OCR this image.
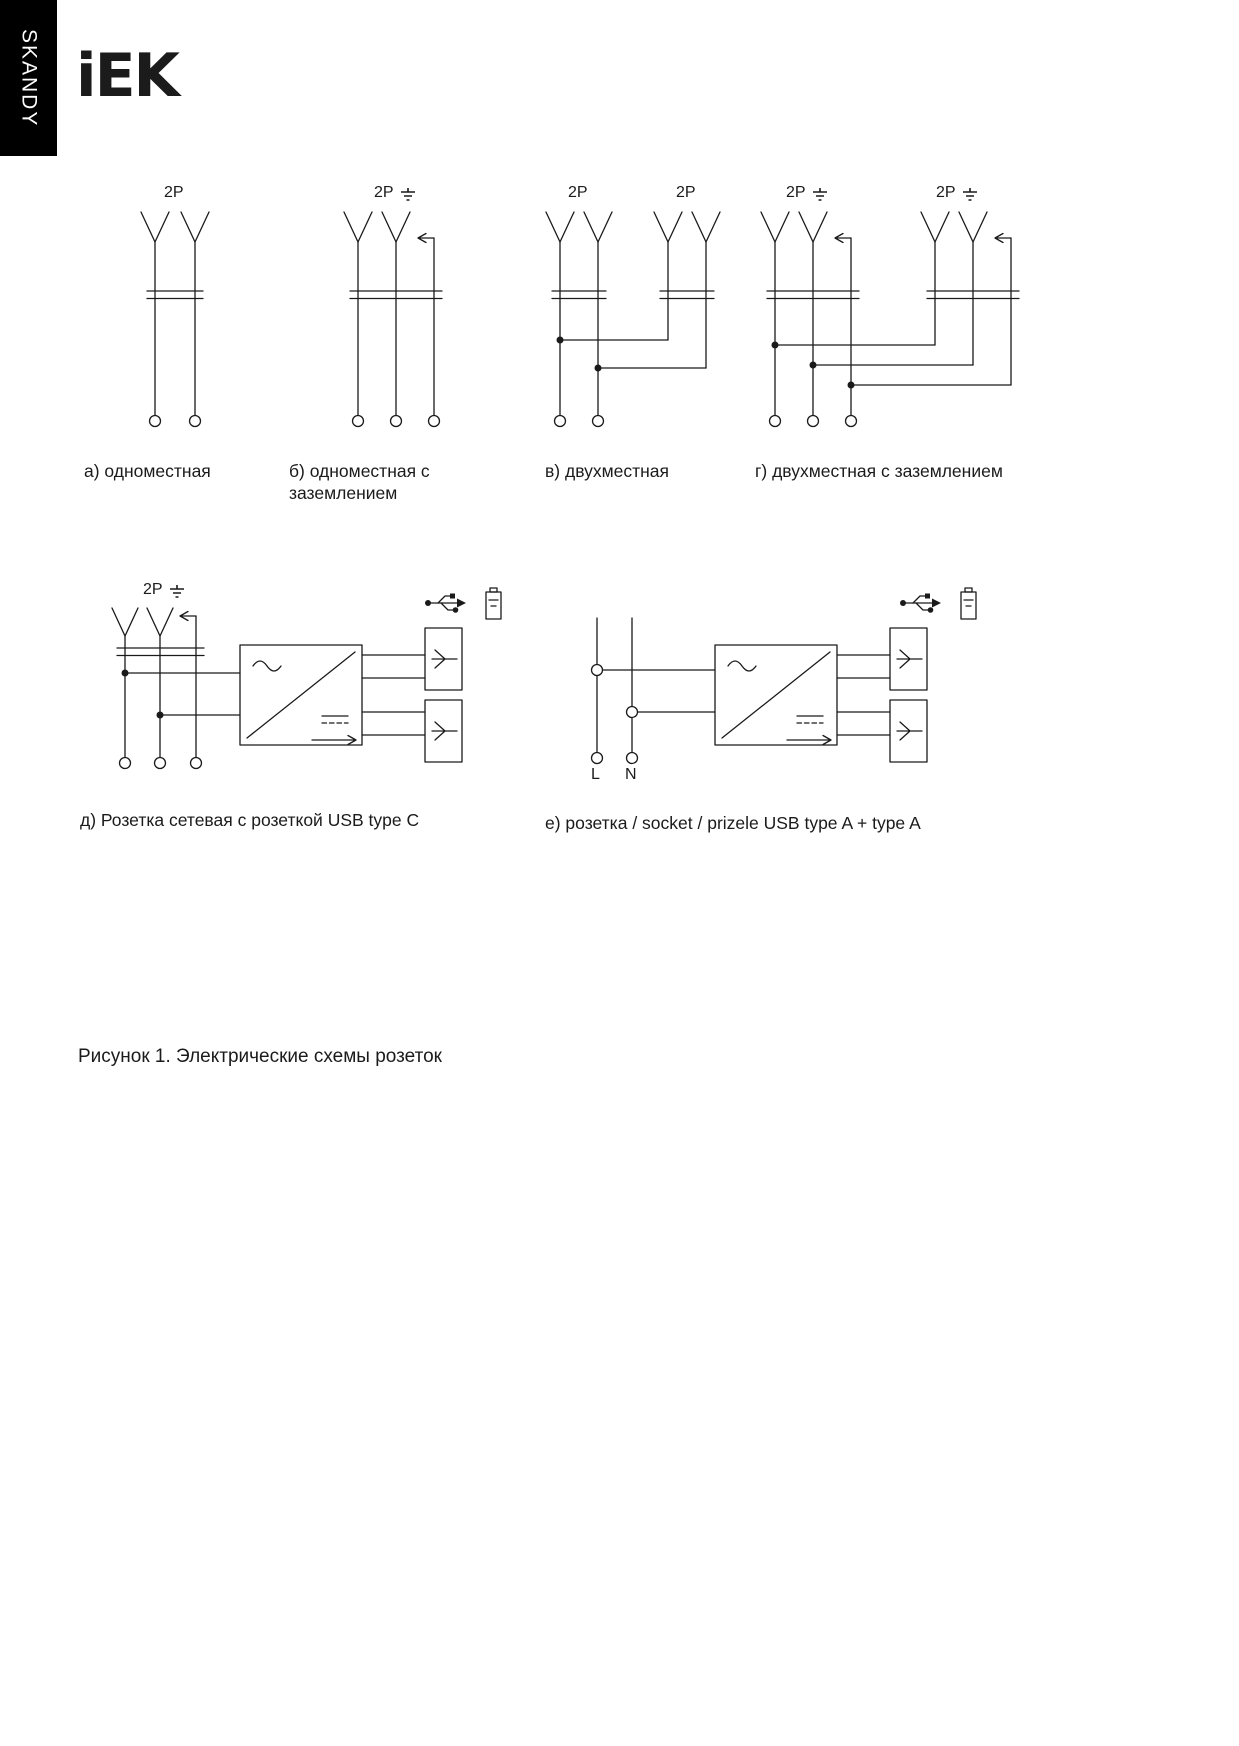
SKANDY iEK
2P	2P	2P	2P	2P	2P
2P
а) одноместная	б) одноместная с заземлением
в) двухместная	г) двухместная с заземлением
д) Розетка сетевая с розеткой USB type C	е) розетка / socket / prizele USB type A + type A
L N
Рисунок 1. Электрические схемы розеток
